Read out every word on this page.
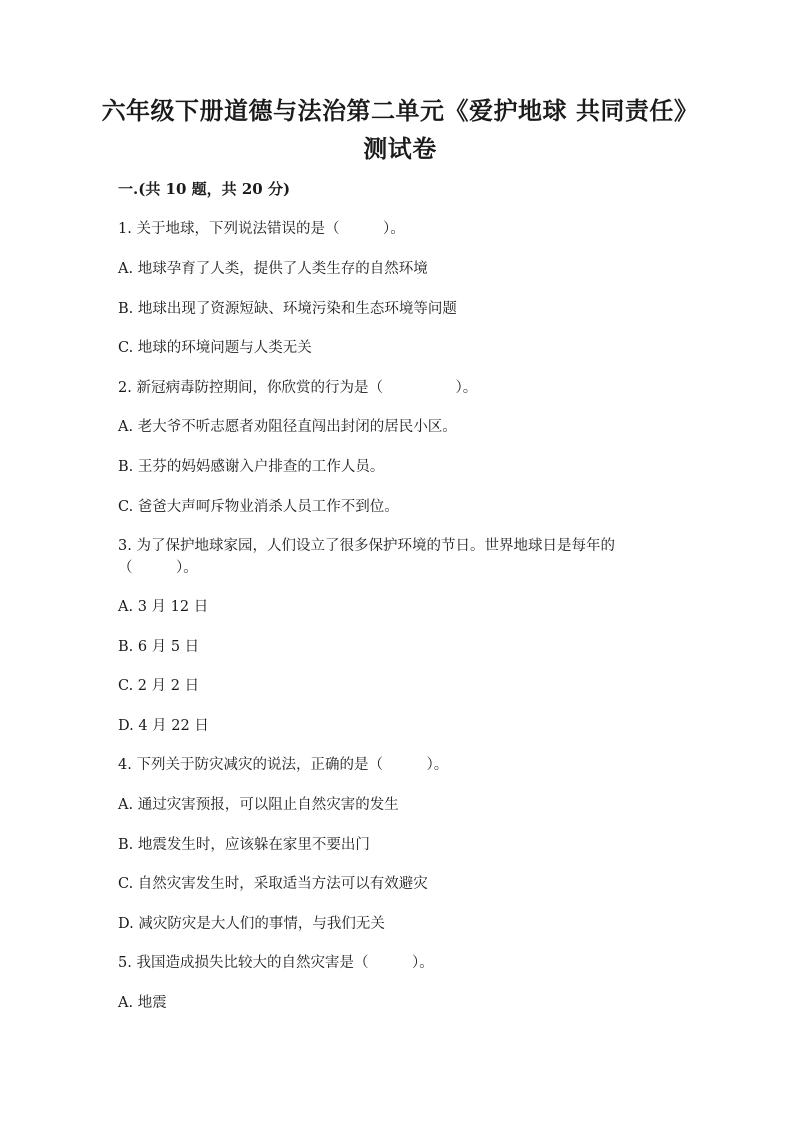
六年级下册道德与法治第二单元《爱护地球 共同责任》测试卷
一.(共 10 题，共 20 分)
1. 关于地球，下列说法错误的是（　　　）。
A. 地球孕育了人类，提供了人类生存的自然环境
B. 地球出现了资源短缺、环境污染和生态环境等问题
C. 地球的环境问题与人类无关
2. 新冠病毒防控期间，你欣赏的行为是（　　　　　）。
A. 老大爷不听志愿者劝阻径直闯出封闭的居民小区。
B. 王芬的妈妈感谢入户排查的工作人员。
C. 爸爸大声呵斥物业消杀人员工作不到位。
3. 为了保护地球家园，人们设立了很多保护环境的节日。世界地球日是每年的（　　　）。
A. 3 月 12 日
B. 6 月 5 日
C. 2 月 2 日
D. 4 月 22 日
4. 下列关于防灾减灾的说法，正确的是（　　　）。
A. 通过灾害预报，可以阻止自然灾害的发生
B. 地震发生时，应该躲在家里不要出门
C. 自然灾害发生时，采取适当方法可以有效避灾
D. 减灾防灾是大人们的事情，与我们无关
5. 我国造成损失比较大的自然灾害是（　　　）。
A. 地震
